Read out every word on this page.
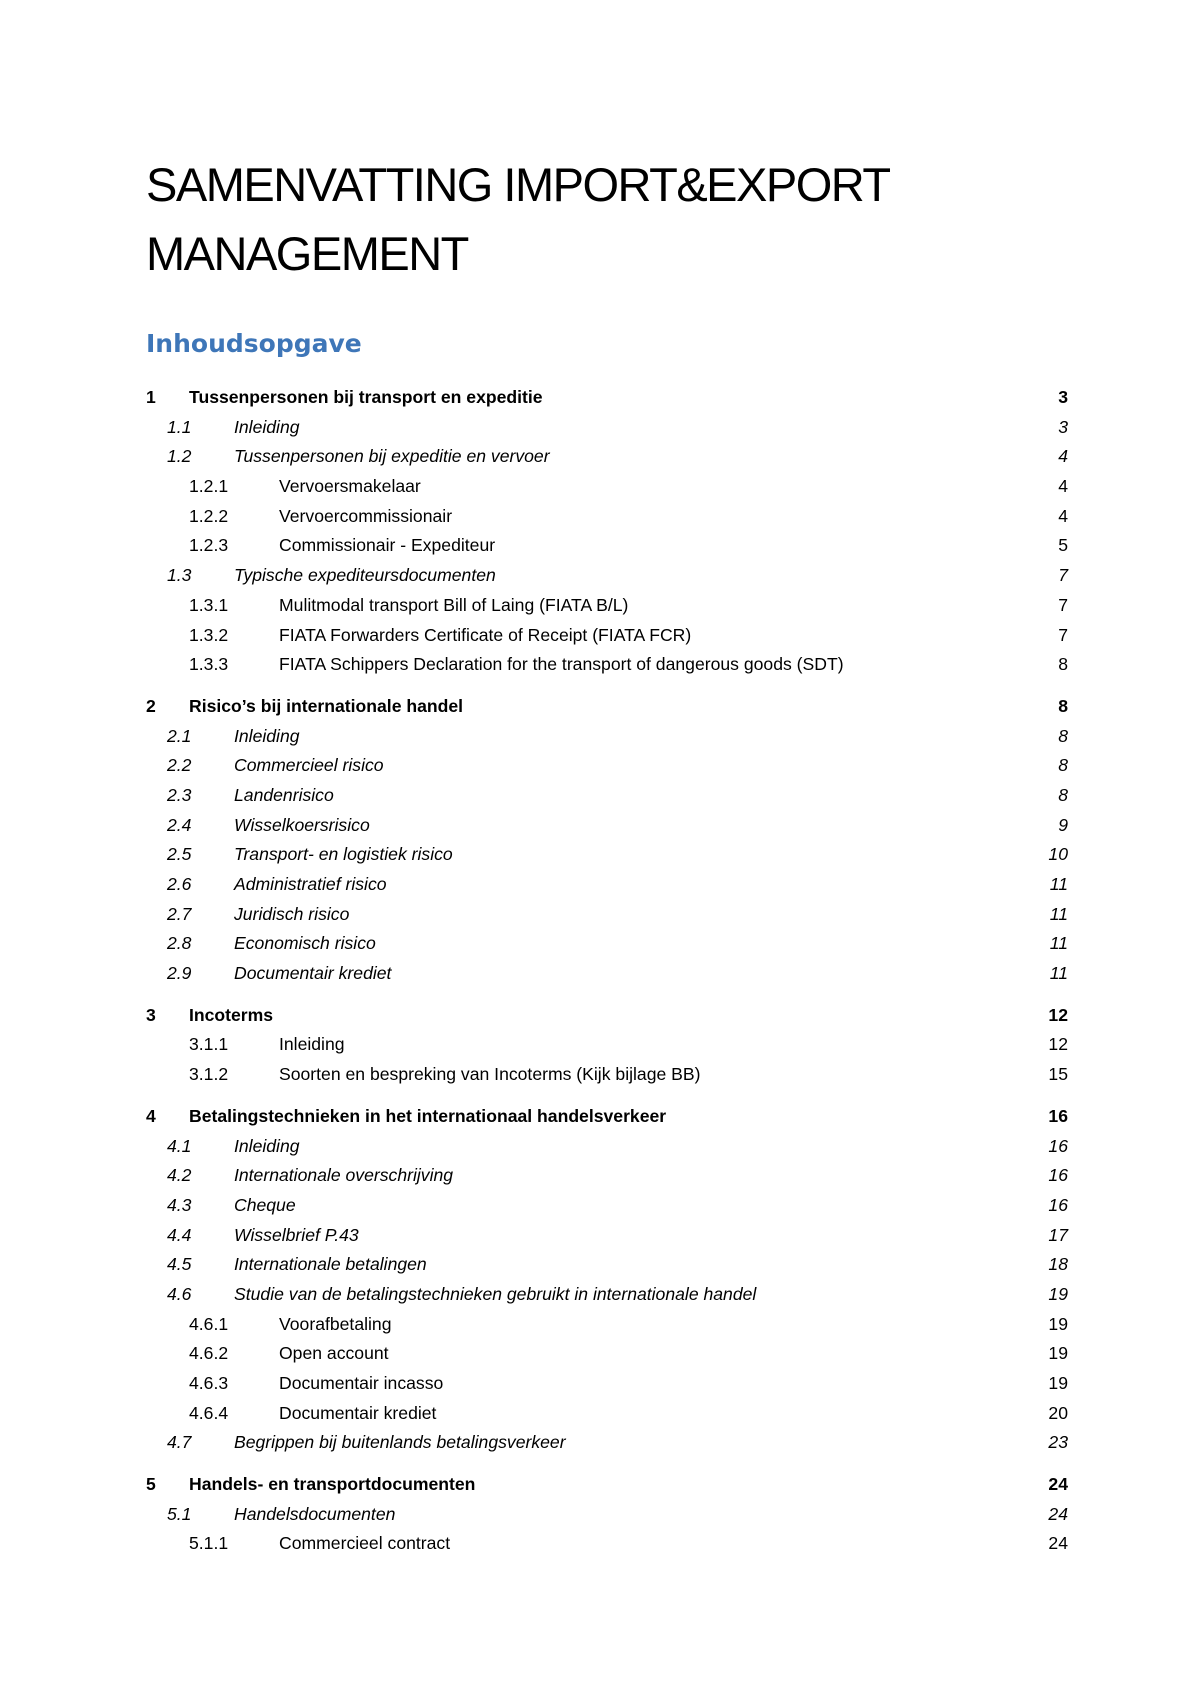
SAMENVATTING IMPORT&EXPORT
MANAGEMENT
Inhoudsopgave
1 Tussenpersonen bij transport en expeditie	3
1.1 Inleiding	3
1.2 Tussenpersonen bij expeditie en vervoer	4
1.2.1	Vervoersmakelaar	4
1.2.2	Vervoercommissionair	4
1.2.3	Commissionair - Expediteur	5
1.3 Typische expediteursdocumenten	7
1.3.1	Mulitmodal transport Bill of Laing (FIATA B/L)	7
1.3.2	FIATA Forwarders Certificate of Receipt (FIATA FCR)	7
1.3.3	FIATA Schippers Declaration for the transport of dangerous goods (SDT)	8
2 Risico’s bij internationale handel	8
2.1 Inleiding	8
2.2 Commercieel risico	8
2.3 Landenrisico	8
2.4 Wisselkoersrisico	9
2.5 Transport- en logistiek risico	10
2.6 Administratief risico	11
2.7 Juridisch risico	11
2.8 Economisch risico	11
2.9 Documentair krediet	11
3 Incoterms	12
3.1.1	Inleiding	12
3.1.2	Soorten en bespreking van Incoterms (Kijk bijlage BB)	15
4 Betalingstechnieken in het internationaal handelsverkeer	16
4.1 Inleiding	16
4.2 Internationale overschrijving	16
4.3 Cheque	16
4.4 Wisselbrief P.43	17
4.5 Internationale betalingen	18
4.6 Studie van de betalingstechnieken gebruikt in internationale handel	19
4.6.1	Voorafbetaling	19
4.6.2	Open account	19
4.6.3	Documentair incasso	19
4.6.4	Documentair krediet	20
4.7 Begrippen bij buitenlands betalingsverkeer	23
5 Handels- en transportdocumenten	24
5.1 Handelsdocumenten	24
5.1.1	Commercieel contract	24
